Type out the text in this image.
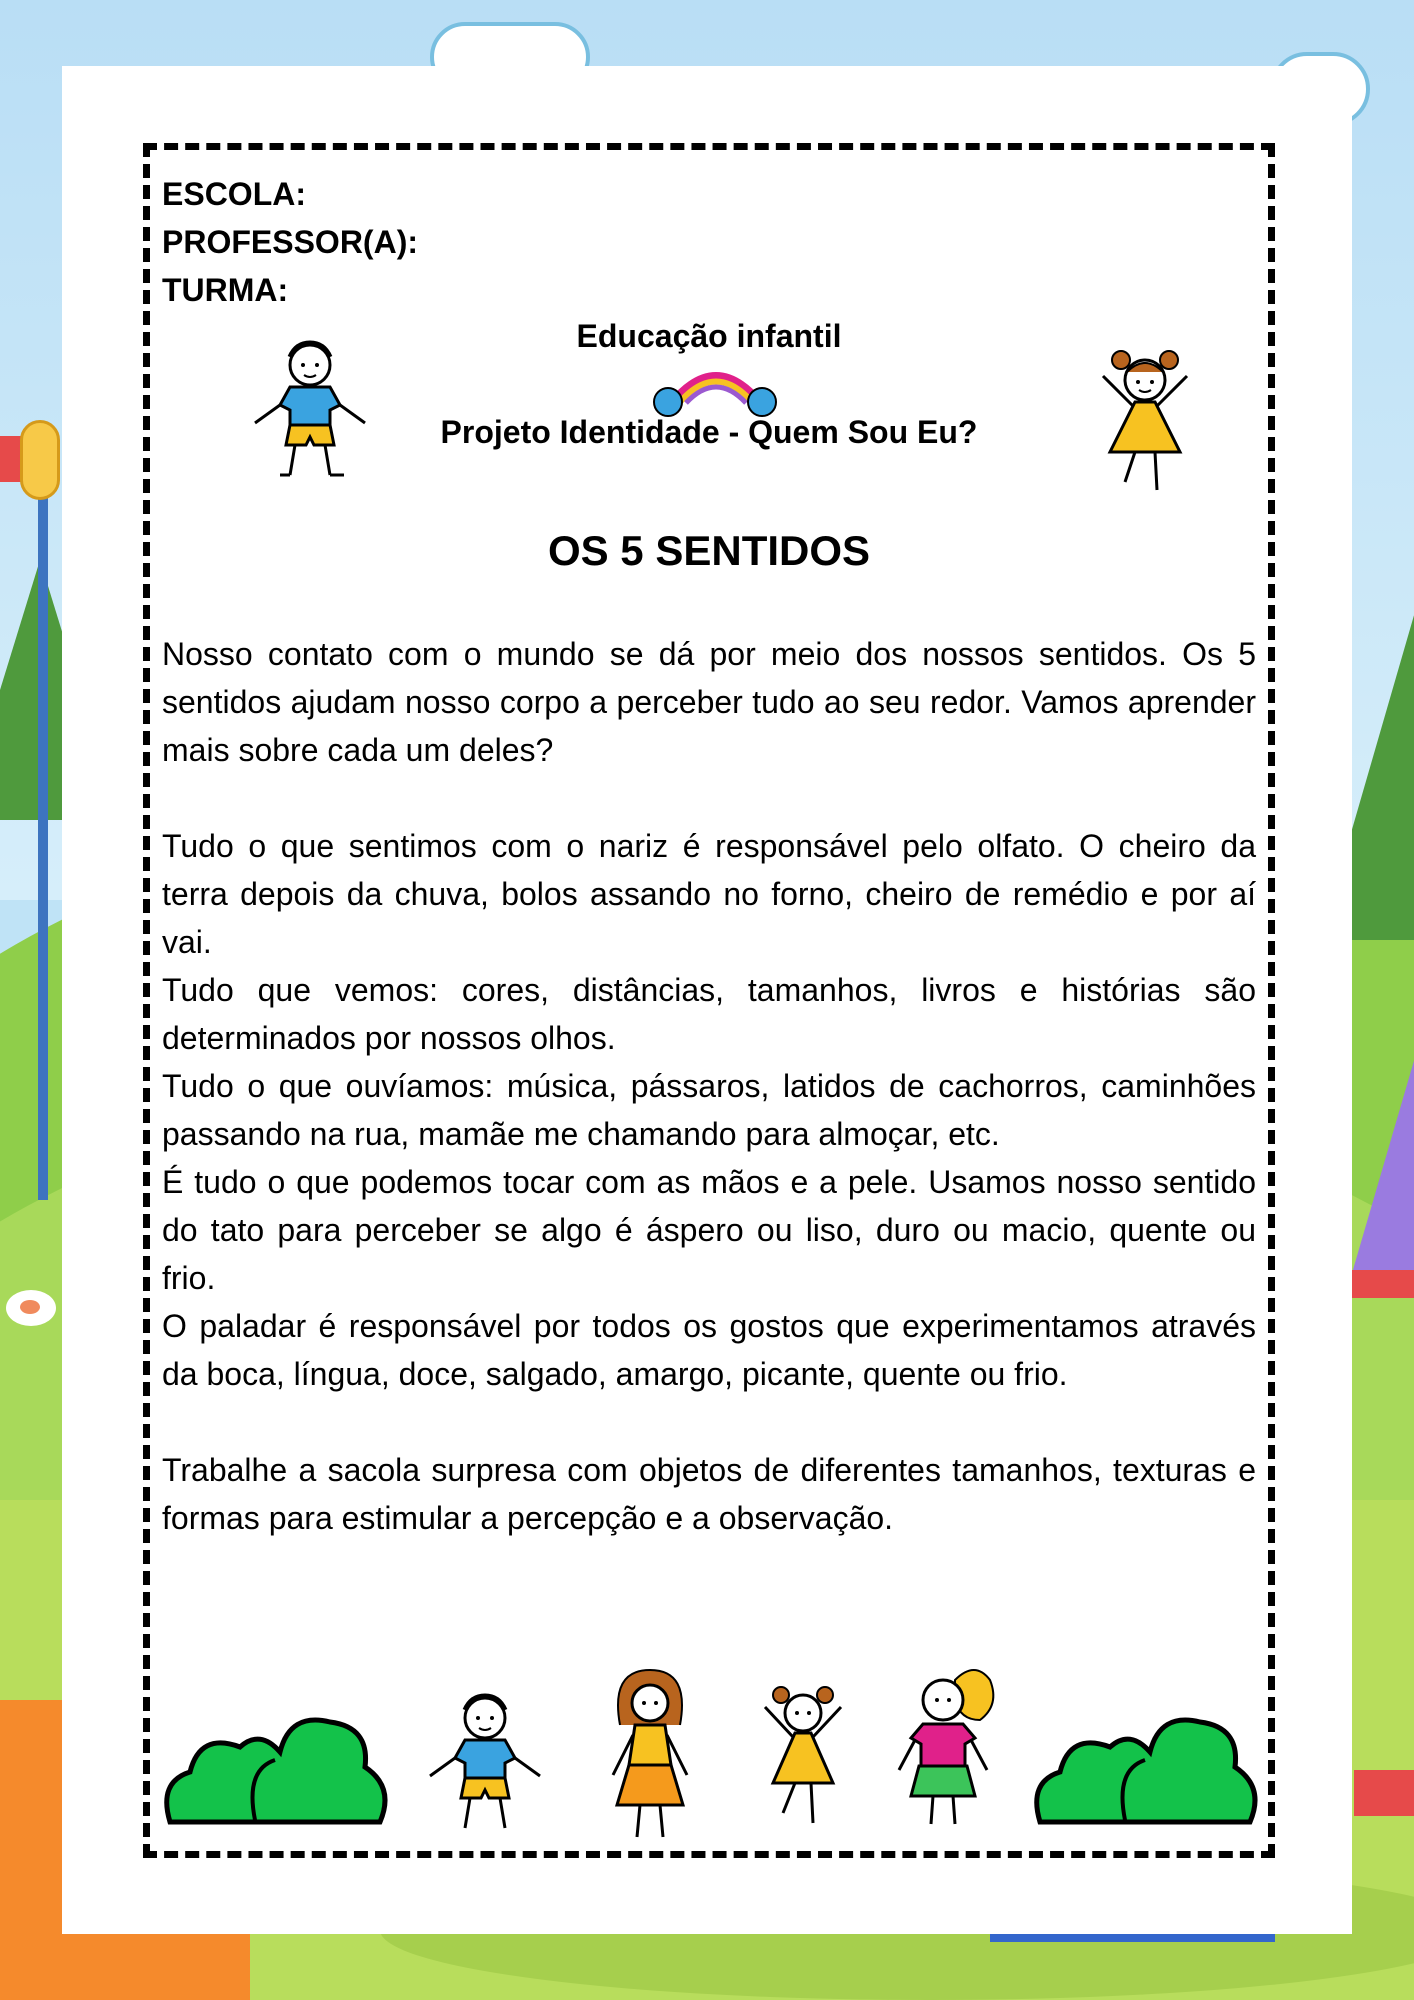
ESCOLA:
PROFESSOR(A):
TURMA:
Educação infantil
Projeto Identidade - Quem Sou Eu?
OS 5 SENTIDOS

Nosso contato com o mundo se dá por meio dos nossos sentidos. Os 5 sentidos ajudam nosso corpo a perceber tudo ao seu redor. Vamos aprender mais sobre cada um deles?

Tudo o que sentimos com o nariz é responsável pelo olfato. O cheiro da terra depois da chuva, bolos assando no forno, cheiro de remédio e por aí vai.

Tudo que vemos: cores, distâncias, tamanhos, livros e histórias são determinados por nossos olhos.

Tudo o que ouvíamos: música, pássaros, latidos de cachorros, caminhões passando na rua, mamãe me chamando para almoçar, etc.

É tudo o que podemos tocar com as mãos e a pele. Usamos nosso sentido do tato para perceber se algo é áspero ou liso, duro ou macio, quente ou frio.

O paladar é responsável por todos os gostos que experimentamos através da boca, língua, doce, salgado, amargo, picante, quente ou frio.

Trabalhe a sacola surpresa com objetos de diferentes tamanhos, texturas e formas para estimular a percepção e a observação.
